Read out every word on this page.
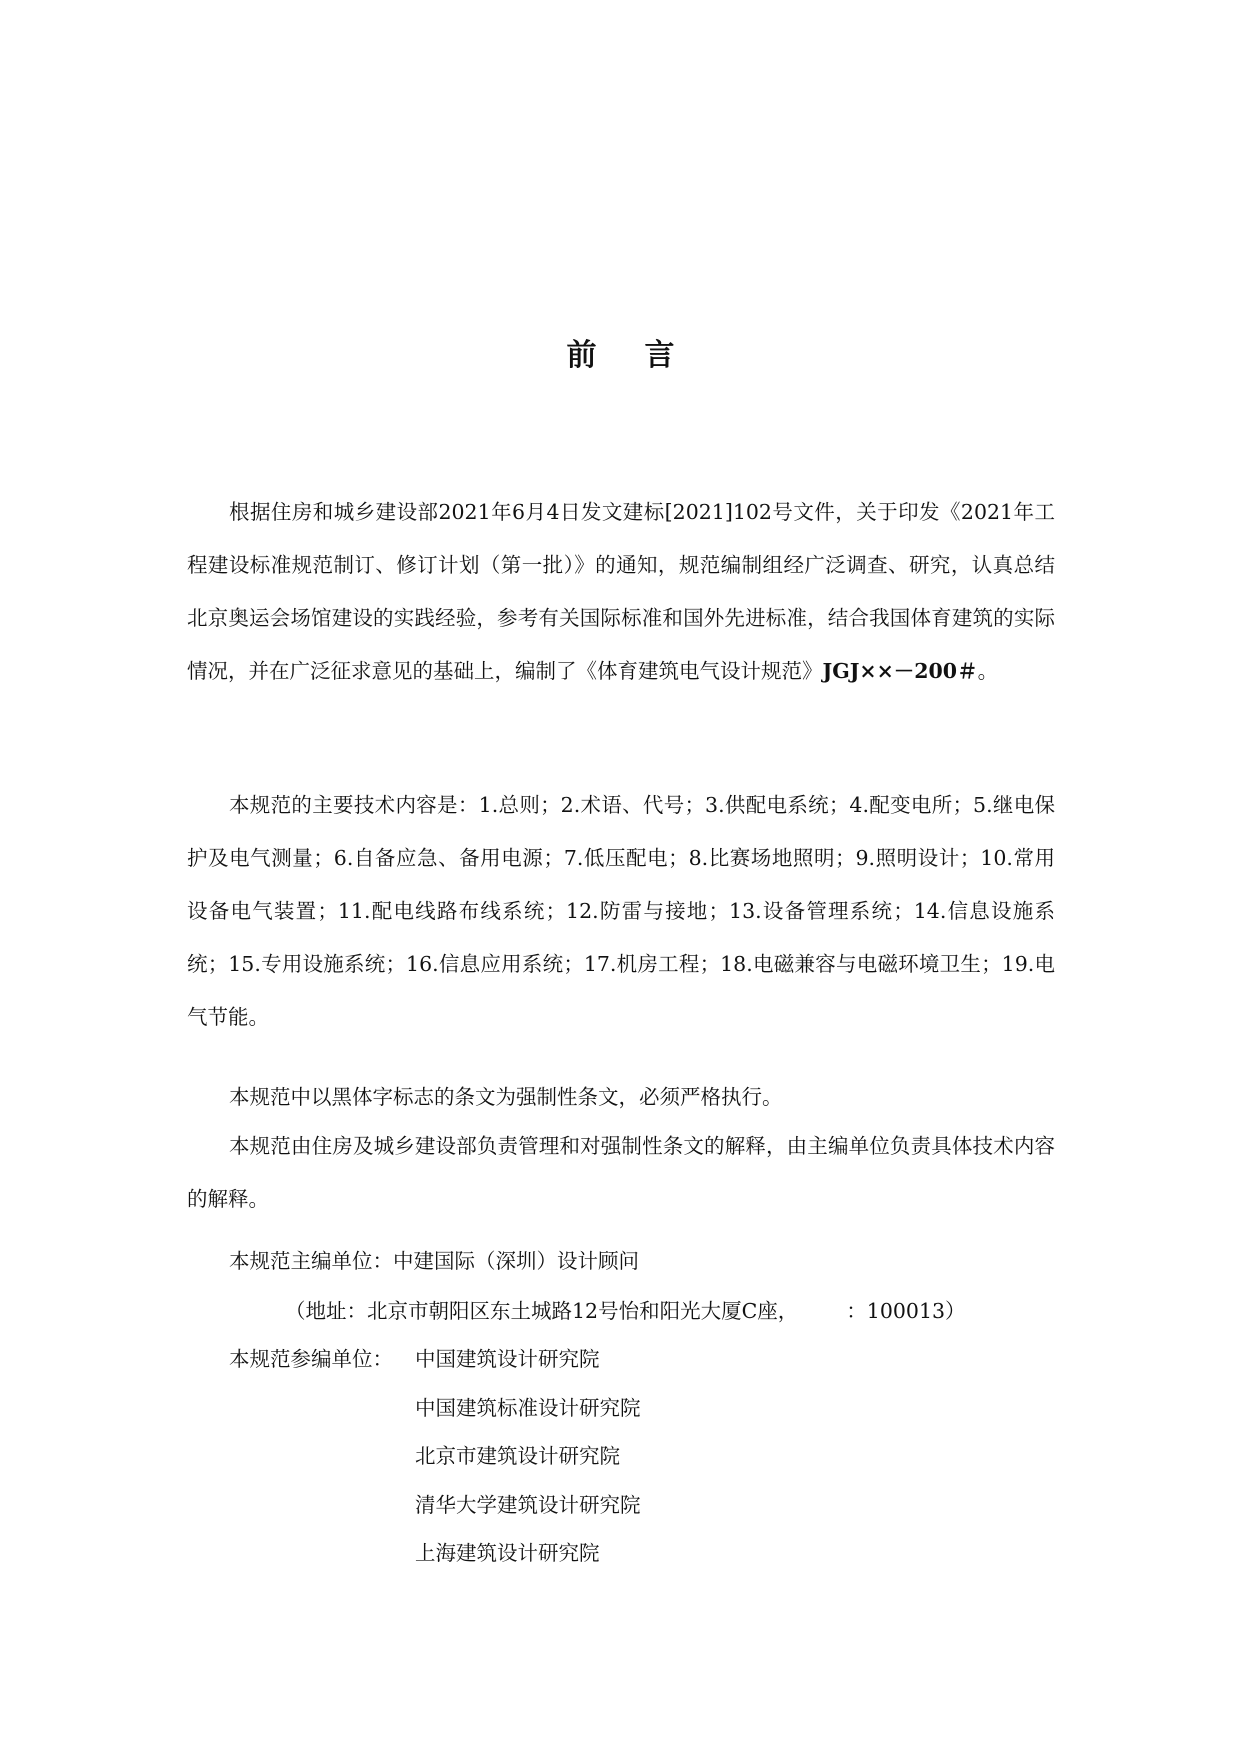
前言

根据住房和城乡建设部2021年6月4日发文建标[2021]102号文件，关于印发《2021年工程建设标准规范制订、修订计划（第一批）》的通知，规范编制组经广泛调查、研究，认真总结北京奥运会场馆建设的实践经验，参考有关国际标准和国外先进标准，结合我国体育建筑的实际情况，并在广泛征求意见的基础上，编制了《体育建筑电气设计规范》JGJ××－200＃。

本规范的主要技术内容是：1.总则；2.术语、代号；3.供配电系统；4.配变电所；5.继电保护及电气测量；6.自备应急、备用电源；7.低压配电；8.比赛场地照明；9.照明设计；10.常用设备电气装置；11.配电线路布线系统；12.防雷与接地；13.设备管理系统；14.信息设施系统；15.专用设施系统；16.信息应用系统；17.机房工程；18.电磁兼容与电磁环境卫生；19.电气节能。

本规范中以黑体字标志的条文为强制性条文，必须严格执行。

本规范由住房及城乡建设部负责管理和对强制性条文的解释，由主编单位负责具体技术内容的解释。

本规范主编单位：中建国际（深圳）设计顾问
（地址：北京市朝阳区东土城路12号怡和阳光大厦C座， ：100013）
本规范参编单位： 中国建筑设计研究院
中国建筑标准设计研究院
北京市建筑设计研究院
清华大学建筑设计研究院
上海建筑设计研究院
